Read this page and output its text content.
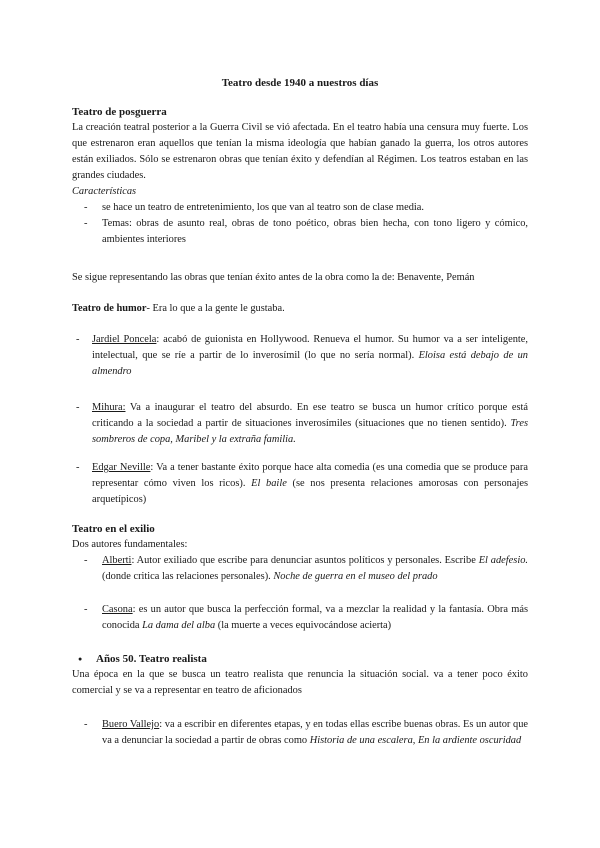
Teatro desde 1940 a nuestros días
Teatro de posguerra

La creación teatral posterior a la Guerra Civil se vió afectada. En el teatro había una censura muy fuerte. Los que estrenaron eran aquellos que tenían la misma ideología que habían ganado la guerra, los otros autores están exiliados. Sólo se estrenaron obras que tenían éxito y defendían al Régimen. Los teatros estaban en las grandes ciudades.

Características

- se hace un teatro de entretenimiento, los que van al teatro son de clase media.
- Temas: obras de asunto real, obras de tono poético, obras bien hecha, con tono ligero y cómico, ambientes interiores

Se sigue representando las obras que tenían éxito antes de la obra como la de: Benavente, Pemán

Teatro de humor- Era lo que a la gente le gustaba.

- Jardiel Poncela: acabó de guionista en Hollywood. Renueva el humor. Su humor va a ser inteligente, intelectual, que se ríe a partir de lo inverosímil (lo que no sería normal). Eloisa está debajo de un almendro
- Mihura: Va a inaugurar el teatro del absurdo. En ese teatro se busca un humor crítico porque está criticando a la sociedad a partir de situaciones inverosímiles (situaciones que no tienen sentido). Tres sombreros de copa, Maribel y la extraña familia.
- Edgar Neville: Va a tener bastante éxito porque hace alta comedia (es una comedia que se produce para representar cómo viven los ricos). El baile (se nos presenta relaciones amorosas con personajes arquetípicos)
Teatro en el exilio

Dos autores fundamentales:

- Alberti: Autor exiliado que escribe para denunciar asuntos políticos y personales. Escribe El adefesio. (donde critica las relaciones personales). Noche de guerra en el museo del prado
- Casona: es un autor que busca la perfección formal, va a mezclar la realidad y la fantasía. Obra más conocida La dama del alba (la muerte a veces equivocándose acierta)
● Años 50. Teatro realista

Una época en la que se busca un teatro realista que renuncia la situación social. va a tener poco éxito comercial y se va a representar en teatro de aficionados

- Buero Vallejo: va a escribir en diferentes etapas, y en todas ellas escribe buenas obras. Es un autor que va a denunciar la sociedad a partir de obras como Historia de una escalera, En la ardiente oscuridad
